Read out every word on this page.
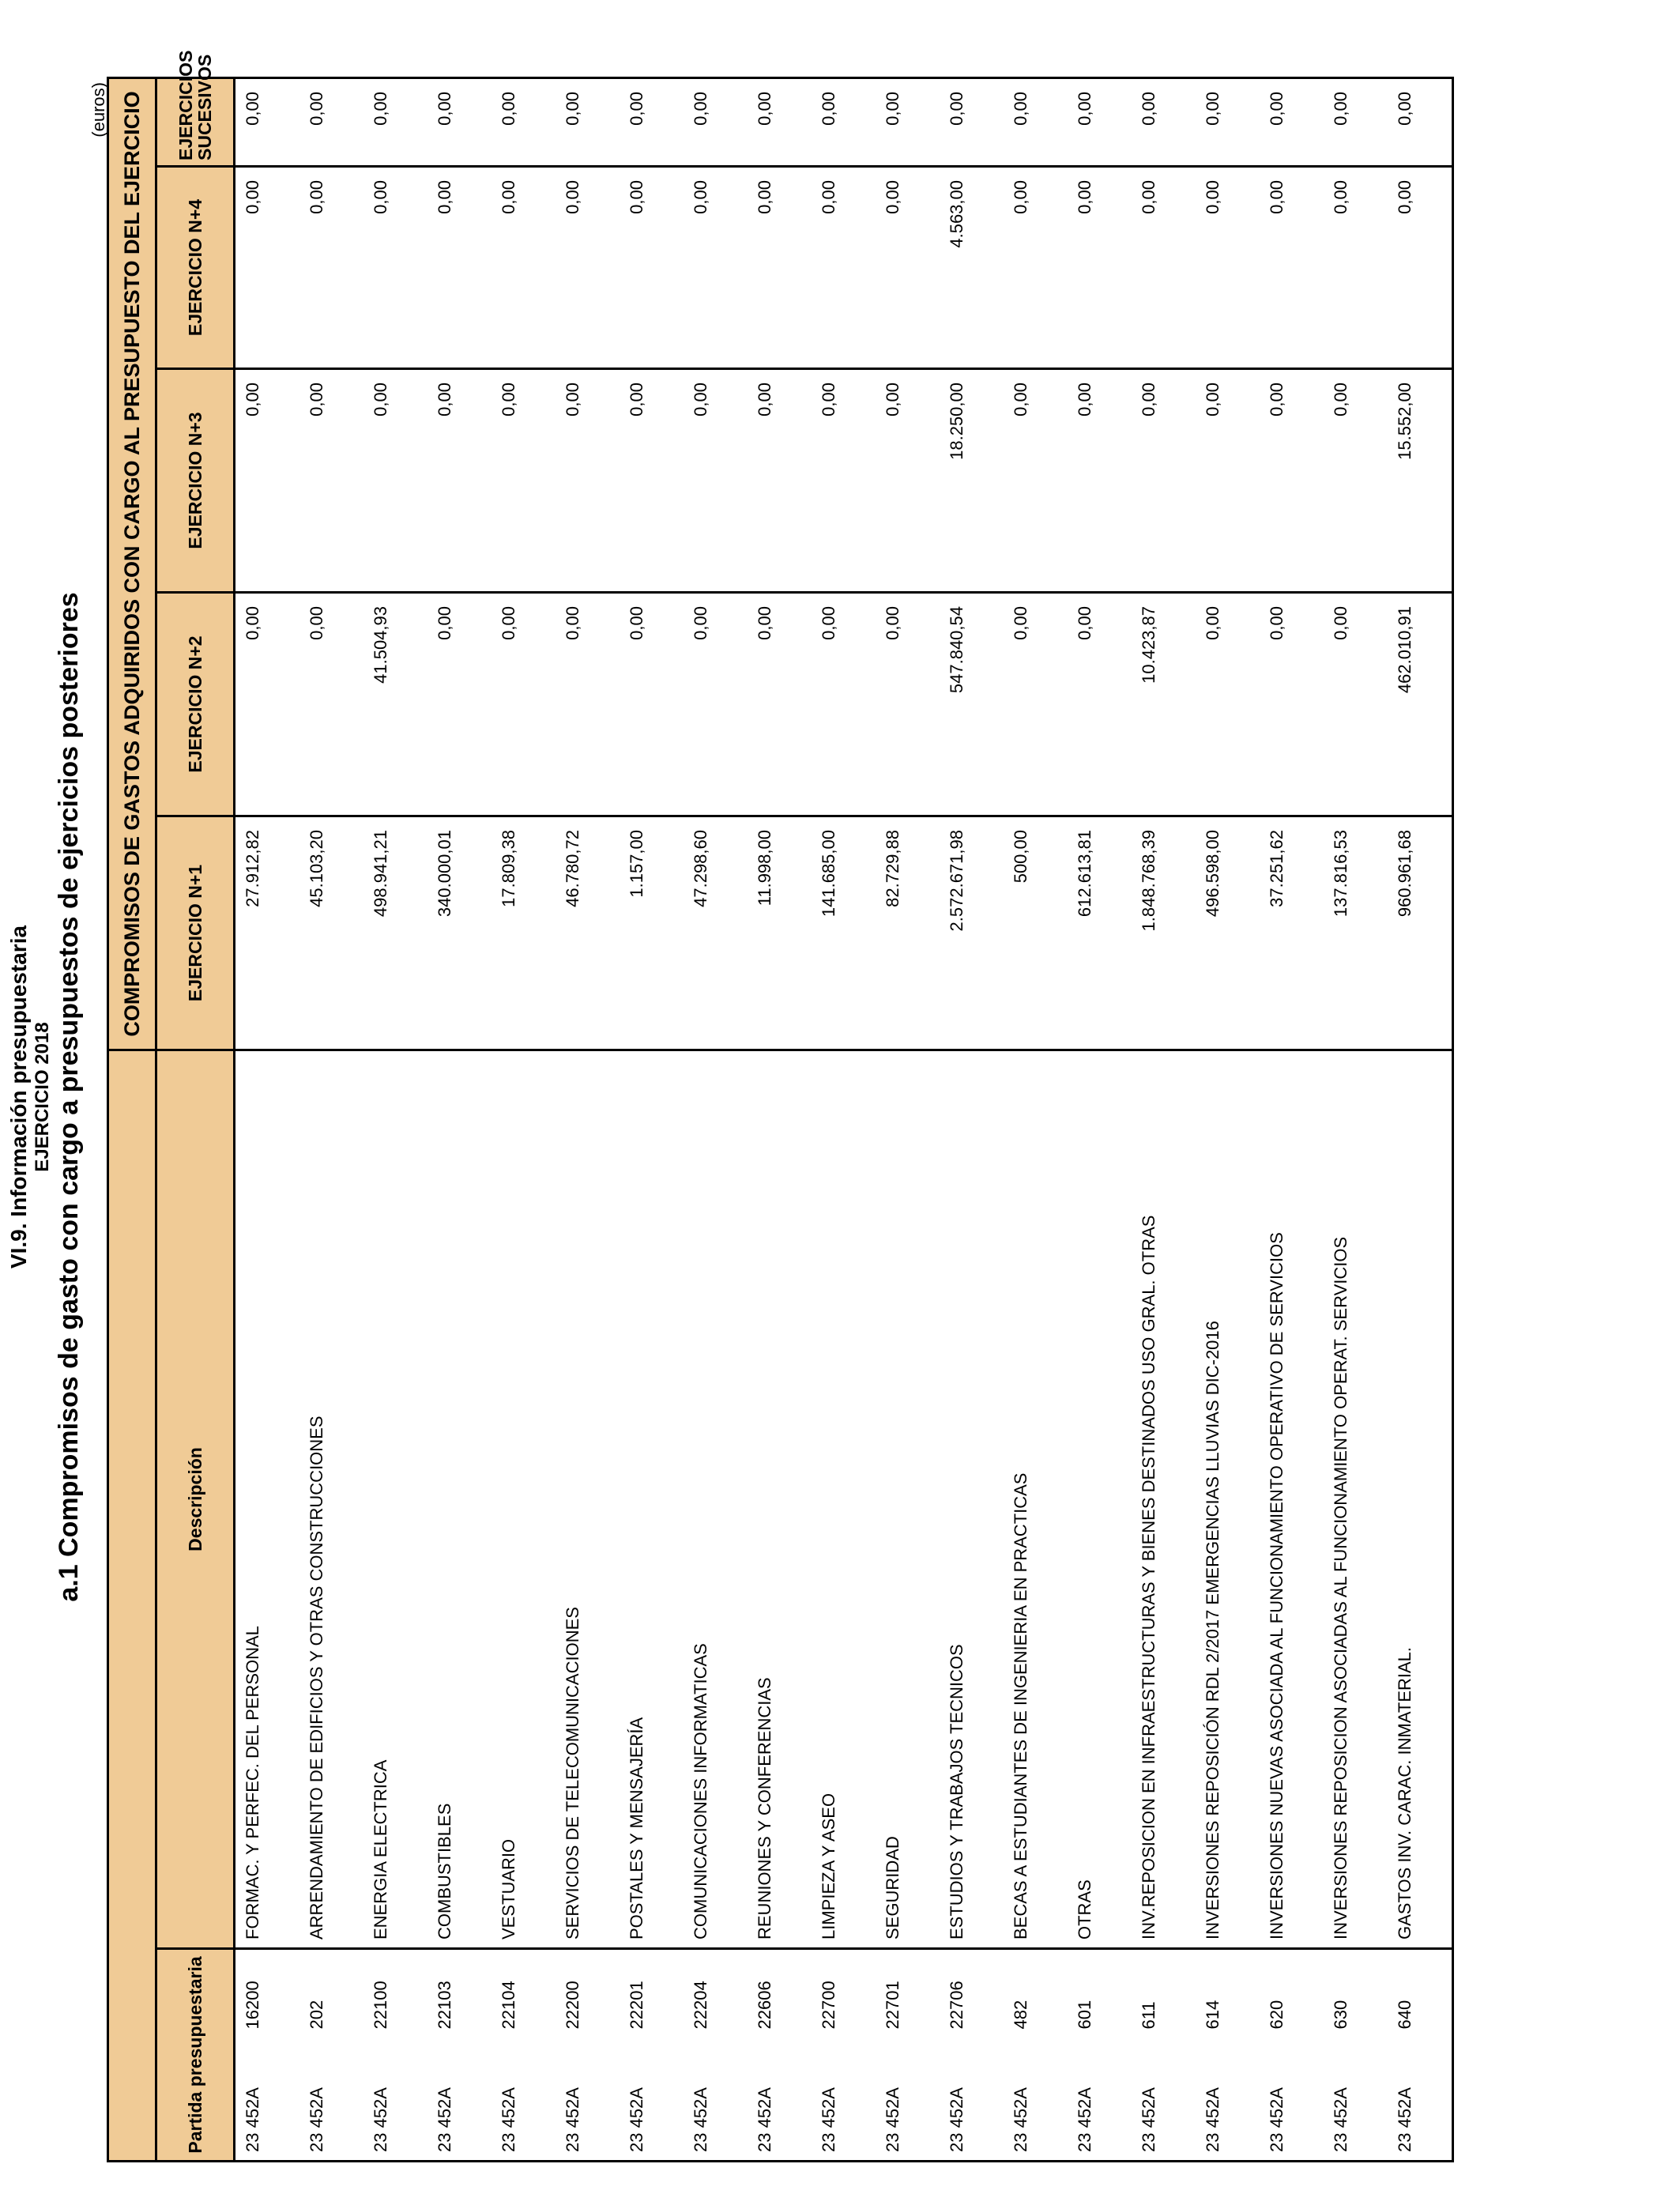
VI.9. Información presupuestaria EJERCICIO 2018 a.1 Compromisos de gasto con cargo a presupuestos de ejercicios posteriores
(euros)
			COMPROMISOS DE GASTOS ADQUIRIDOS CON CARGO AL PRESUPUESTO DEL EJERCICIO				
Partida presupuestaria		Descripción	EJERCICIO N+1	EJERCICIO N+2	EJERCICIO N+3	EJERCICIO N+4	EJERCICIOS SUCESIVOS
23 452A	16200	FORMAC. Y PERFEC. DEL PERSONAL	27.912,82	0,00	0,00	0,00	0,00
23 452A	202	ARRENDAMIENTO DE EDIFICIOS Y OTRAS CONSTRUCCIONES	45.103,20	0,00	0,00	0,00	0,00
23 452A	22100	ENERGIA ELECTRICA	498.941,21	41.504,93	0,00	0,00	0,00
23 452A	22103	COMBUSTIBLES	340.000,01	0,00	0,00	0,00	0,00
23 452A	22104	VESTUARIO	17.809,38	0,00	0,00	0,00	0,00
23 452A	22200	SERVICIOS DE TELECOMUNICACIONES	46.780,72	0,00	0,00	0,00	0,00
23 452A	22201	POSTALES Y MENSAJERÍA	1.157,00	0,00	0,00	0,00	0,00
23 452A	22204	COMUNICACIONES INFORMATICAS	47.298,60	0,00	0,00	0,00	0,00
23 452A	22606	REUNIONES Y CONFERENCIAS	11.998,00	0,00	0,00	0,00	0,00
23 452A	22700	LIMPIEZA Y ASEO	141.685,00	0,00	0,00	0,00	0,00
23 452A	22701	SEGURIDAD	82.729,88	0,00	0,00	0,00	0,00
23 452A	22706	ESTUDIOS Y TRABAJOS TECNICOS	2.572.671,98	547.840,54	18.250,00	4.563,00	0,00
23 452A	482	BECAS A ESTUDIANTES DE INGENIERIA EN PRACTICAS	500,00	0,00	0,00	0,00	0,00
23 452A	601	OTRAS	612.613,81	0,00	0,00	0,00	0,00
23 452A	611	INV.REPOSICION EN INFRAESTRUCTURAS Y BIENES DESTINADOS USO GRAL. OTRAS	1.848.768,39	10.423,87	0,00	0,00	0,00
23 452A	614	INVERSIONES REPOSICIÓN RDL 2/2017 EMERGENCIAS LLUVIAS DIC-2016	496.598,00	0,00	0,00	0,00	0,00
23 452A	620	INVERSIONES NUEVAS ASOCIADA AL FUNCIONAMIENTO OPERATIVO DE SERVICIOS	37.251,62	0,00	0,00	0,00	0,00
23 452A	630	INVERSIONES REPOSICION ASOCIADAS AL FUNCIONAMIENTO OPERAT. SERVICIOS	137.816,53	0,00	0,00	0,00	0,00
23 452A	640	GASTOS INV. CARAC. INMATERIAL.	960.961,68	462.010,91	15.552,00	0,00	0,00
